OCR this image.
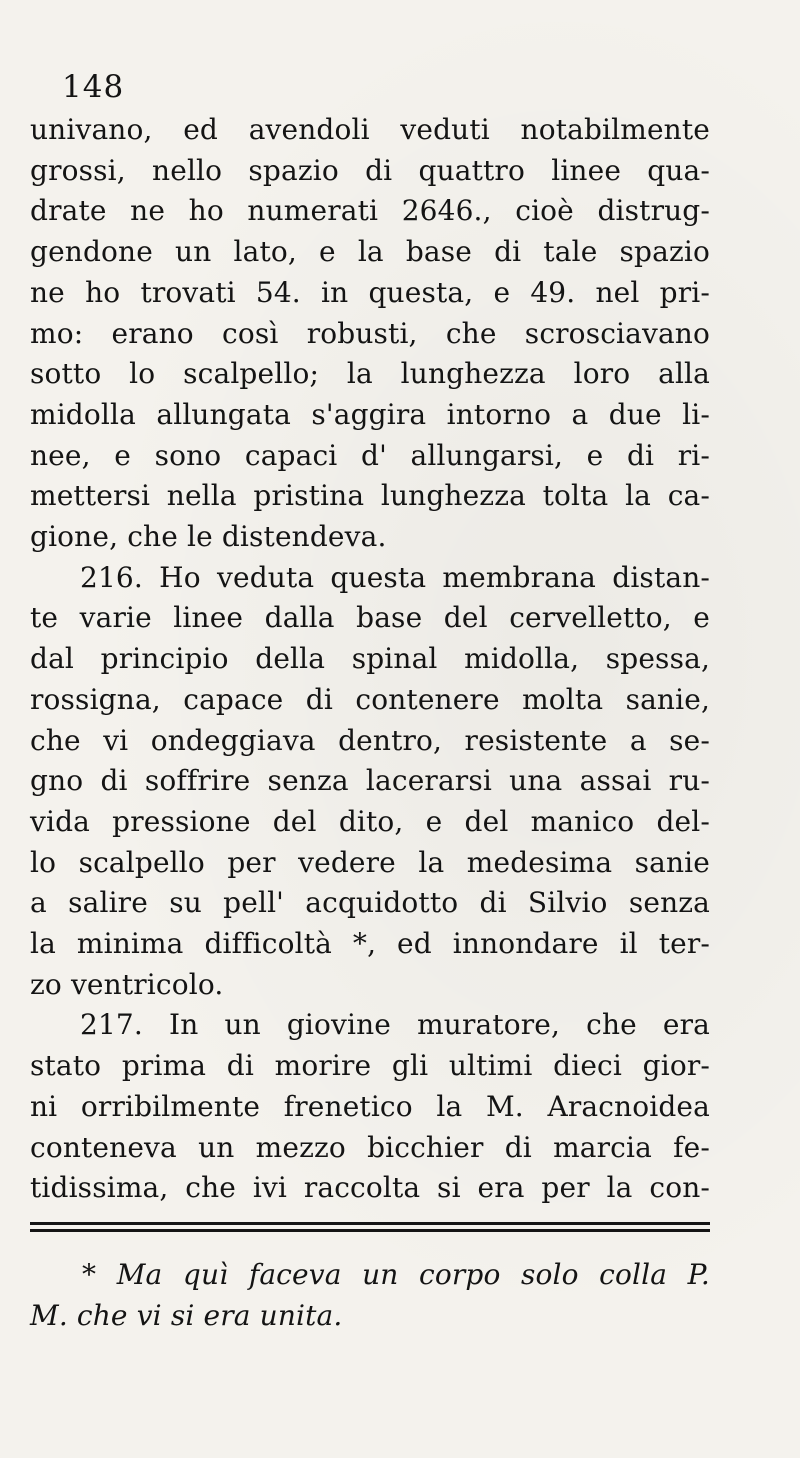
148
univano, ed avendoli veduti notabilmente
grossi, nello spazio di quattro linee qua-
drate ne ho numerati 2646., cioè distrug-
gendone un lato, e la base di tale spazio
ne ho trovati 54. in questa, e 49. nel pri-
mo: erano così robusti, che scrosciavano
sotto lo scalpello; la lunghezza loro alla
midolla allungata s'aggira intorno a due li-
nee, e sono capaci d' allungarsi, e di ri-
mettersi nella pristina lunghezza tolta la ca-
gione, che le distendeva.
216. Ho veduta questa membrana distan-
te varie linee dalla base del cervelletto, e
dal principio della spinal midolla, spessa,
rossigna, capace di contenere molta sanie,
che vi ondeggiava dentro, resistente a se-
gno di soffrire senza lacerarsi una assai ru-
vida pressione del dito, e del manico del-
lo scalpello per vedere la medesima sanie
a salire su pell' acquidotto di Silvio senza
la minima difficoltà *, ed innondare il ter-
zo ventricolo.
217. In un giovine muratore, che era
stato prima di morire gli ultimi dieci gior-
ni orribilmente frenetico la M. Aracnoidea
conteneva un mezzo bicchier di marcia fe-
tidissima, che ivi raccolta si era per la con-
* Ma quì faceva un corpo solo colla P.
M. che vi si era unita.
